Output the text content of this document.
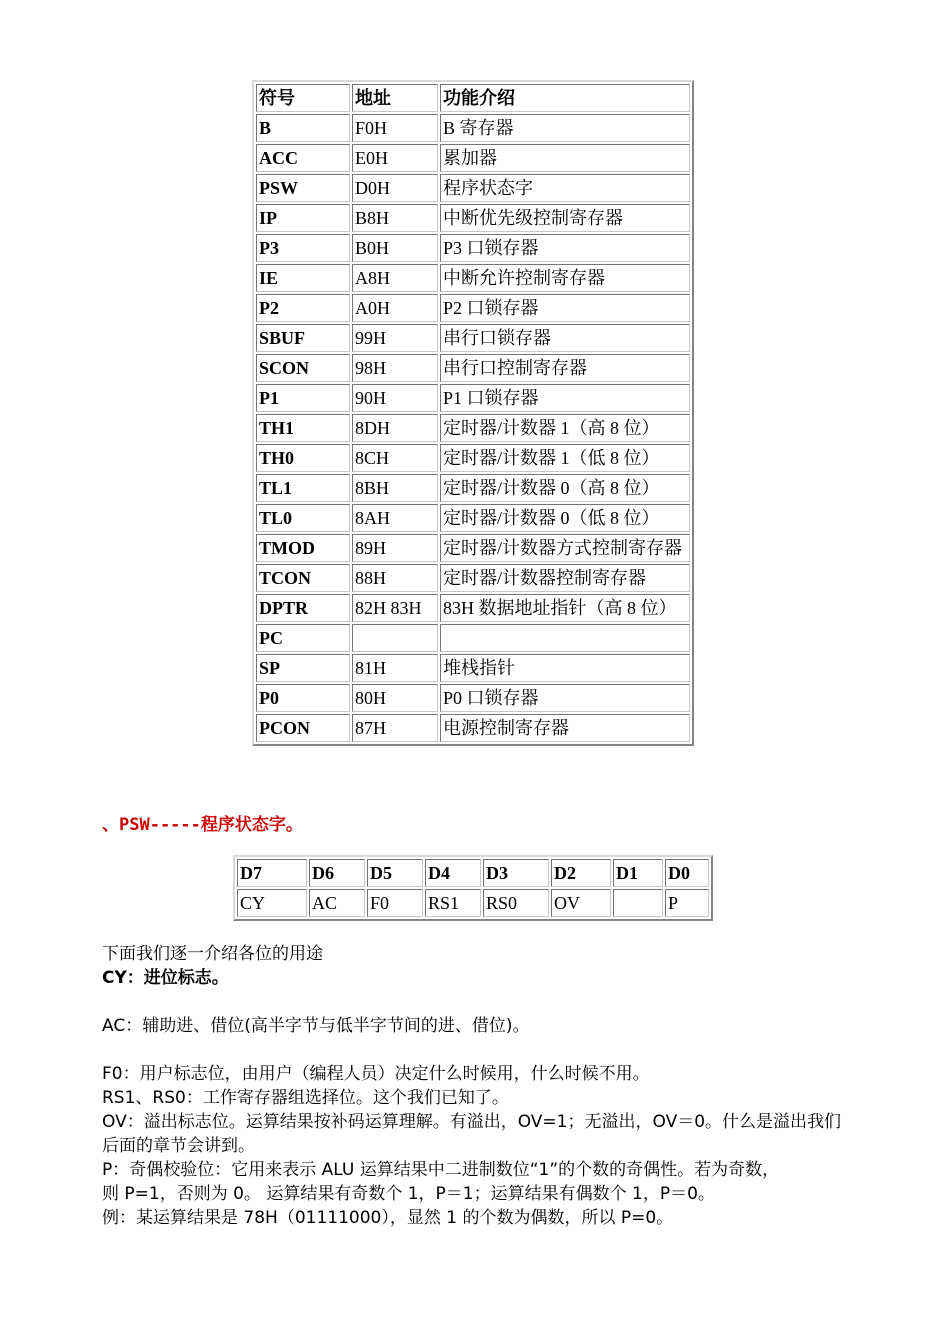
符号	地址	功能介绍
B	F0H	B 寄存器
ACC	E0H	累加器
PSW	D0H	程序状态字
IP	B8H	中断优先级控制寄存器
P3	B0H	P3 口锁存器
IE	A8H	中断允许控制寄存器
P2	A0H	P2 口锁存器
SBUF	99H	串行口锁存器
SCON	98H	串行口控制寄存器
P1	90H	P1 口锁存器
TH1	8DH	定时器/计数器 1（高 8 位）
TH0	8CH	定时器/计数器 1（低 8 位）
TL1	8BH	定时器/计数器 0（高 8 位）
TL0	8AH	定时器/计数器 0（低 8 位）
TMOD	89H	定时器/计数器方式控制寄存器
TCON	88H	定时器/计数器控制寄存器
DPTR	82H 83H	83H 数据地址指针（高 8 位）
PC		
SP	81H	堆栈指针
P0	80H	P0 口锁存器
PCON	87H	电源控制寄存器
、PSW-----程序状态字。
D7	D6	D5	D4	D3	D2	D1	D0
CY	AC	F0	RS1	RS0	OV		P

下面我们逐一介绍各位的用途

CY：进位标志。

AC：辅助进、借位(高半字节与低半字节间的进、借位)。

F0：用户标志位，由用户（编程人员）决定什么时候用，什么时候不用。

RS1、RS0：工作寄存器组选择位。这个我们已知了。

OV：溢出标志位。运算结果按补码运算理解。有溢出，OV=1；无溢出，OV＝0。什么是溢出我们

后面的章节会讲到。

P：奇偶校验位：它用来表示 ALU 运算结果中二进制数位“1”的个数的奇偶性。若为奇数，

则 P=1，否则为 0。 运算结果有奇数个 1，P＝1；运算结果有偶数个 1，P＝0。

例：某运算结果是 78H（01111000），显然 1 的个数为偶数，所以 P=0。
